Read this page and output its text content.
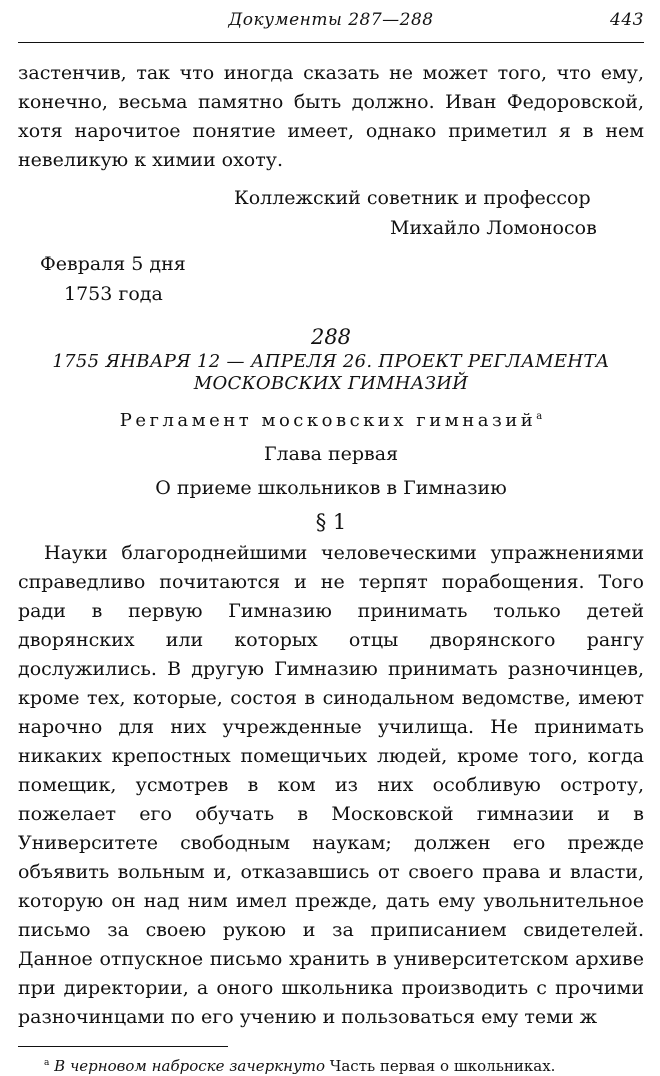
Документы 287—288	443

застенчив, так что иногда сказать не может того, что ему, конечно, весьма памятно быть должно. Иван Федоровской, хотя нарочитое понятие имеет, однако приметил я в нем невеликую к химии охоту.

Коллежский советник и профессор
Михайло Ломоносов
Февраля 5 дня
1753 года
288
1755 ЯНВАРЯ 12 — АПРЕЛЯ 26. ПРОЕКТ РЕГЛАМЕНТА МОСКОВСКИХ ГИМНАЗИЙ
Регламент московских гимназий$^а$
Глава первая
О приеме школьников в Гимназию
§ 1

Науки благороднейшими человеческими упражнениями справедливо почитаются и не терпят порабощения. Того ради в первую Гимназию принимать только детей дворянских или которых отцы дворянского рангу дослужились. В другую Гимназию принимать разночинцев, кроме тех, которые, состоя в синодальном ведомстве, имеют нарочно для них учрежденные училища. Не принимать никаких крепостных помещичьих людей, кроме того, когда помещик, усмотрев в ком из них особливую остроту, пожелает его обучать в Московской гимназии и в Университете свободным наукам; должен его прежде объявить вольным и, отказавшись от своего права и власти, которую он над ним имел прежде, дать ему увольнительное письмо за своею рукою и за приписанием свидетелей. Данное отпускное письмо хранить в университетском архиве при директории, а оного школьника производить с прочими разночинцами по его учению и пользоваться ему теми ж

$^а$ В черновом наброске зачеркнуто Часть первая о школьниках.
